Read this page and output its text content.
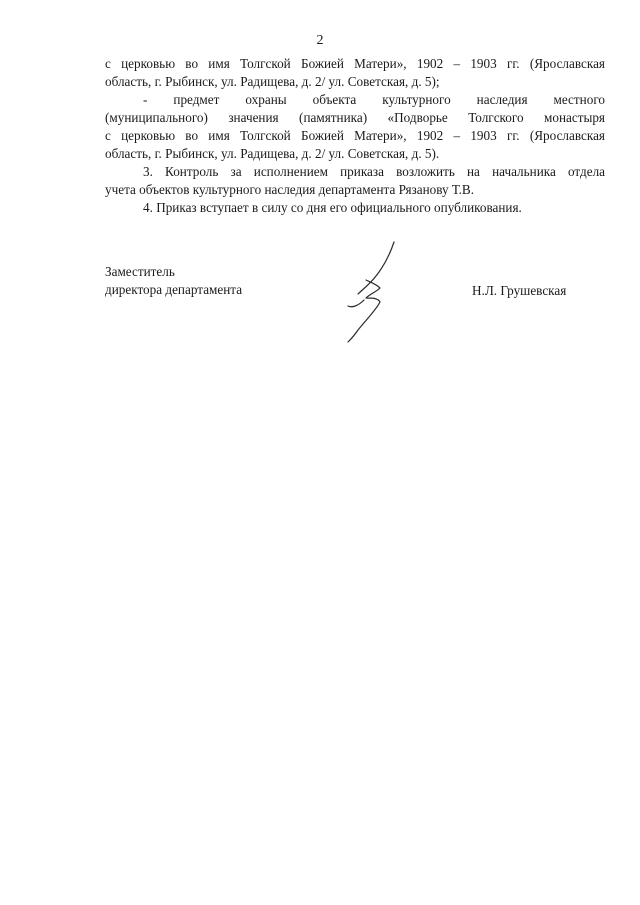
2

с церковью во имя Толгской Божией Матери», 1902 – 1903 гг. (Ярославская
область, г. Рыбинск, ул. Радищева, д. 2/ ул. Советская, д. 5);

- предмет охраны объекта культурного наследия местного
(муниципального) значения (памятника) «Подворье Толгского монастыря
с церковью во имя Толгской Божией Матери», 1902 – 1903 гг. (Ярославская
область, г. Рыбинск, ул. Радищева, д. 2/ ул. Советская, д. 5).

3. Контроль за исполнением приказа возложить на начальника отдела
учета объектов культурного наследия департамента Рязанову Т.В.

4. Приказ вступает в силу со дня его официального опубликования.

Заместитель
директора департамента	Н.Л. Грушевская
